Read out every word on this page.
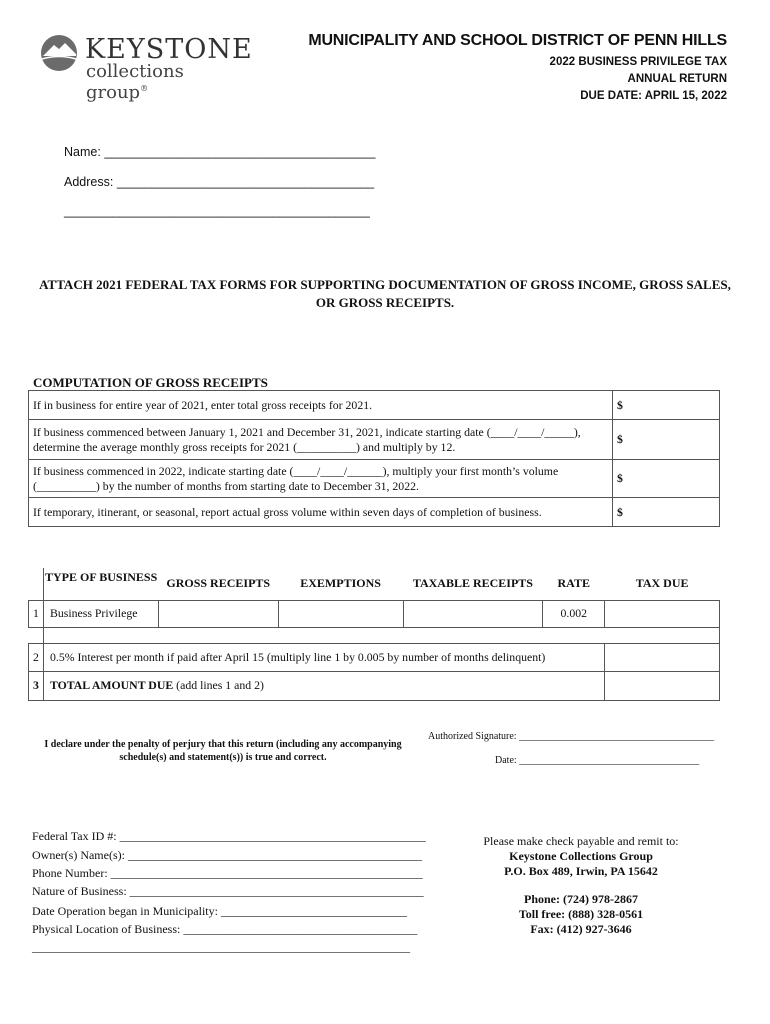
KEYSTONE
collections group®
MUNICIPALITY AND SCHOOL DISTRICT OF PENN HILLS
2022 BUSINESS PRIVILEGE TAX
ANNUAL RETURN
DUE DATE: APRIL 15, 2022
Name: _______________________________________
Address: _____________________________________
____________________________________________
ATTACH 2021 FEDERAL TAX FORMS FOR SUPPORTING DOCUMENTATION OF GROSS INCOME, GROSS SALES, OR GROSS RECEIPTS.
COMPUTATION OF GROSS RECEIPTS
If in business for entire year of 2021, enter total gross receipts for 2021.	$
If business commenced between January 1, 2021 and December 31, 2021, indicate starting date (____/____/_____), determine the average monthly gross receipts for 2021 (__________) and multiply by 12.	$
If business commenced in 2022, indicate starting date (____/____/______), multiply your first month’s volume (__________) by the number of months from starting date to December 31, 2022.	$
If temporary, itinerant, or seasonal, report actual gross volume within seven days of completion of business.	$
	TYPE OF BUSINESS	GROSS RECEIPTS	EXEMPTIONS	TAXABLE RECEIPTS	RATE	TAX DUE
1	Business Privilege				0.002	

2	0.5% Interest per month if paid after April 15 (multiply line 1 by 0.005 by number of months delinquent)					
3	TOTAL AMOUNT DUE (add lines 1 and 2)					
I declare under the penalty of perjury that this return (including any accompanying schedule(s) and statement(s)) is true and correct.
Authorized Signature: _______________________________________
Date: ____________________________________
Federal Tax ID #: ___________________________________________________
Owner(s) Name(s): _________________________________________________
Phone Number: ____________________________________________________
Nature of Business: _________________________________________________
Date Operation began in Municipality: _______________________________
Physical Location of Business: _______________________________________
_______________________________________________________________
Please make check payable and remit to:
Keystone Collections Group
P.O. Box 489, Irwin, PA 15642
Phone: (724) 978-2867
Toll free: (888) 328-0561
Fax: (412) 927-3646
